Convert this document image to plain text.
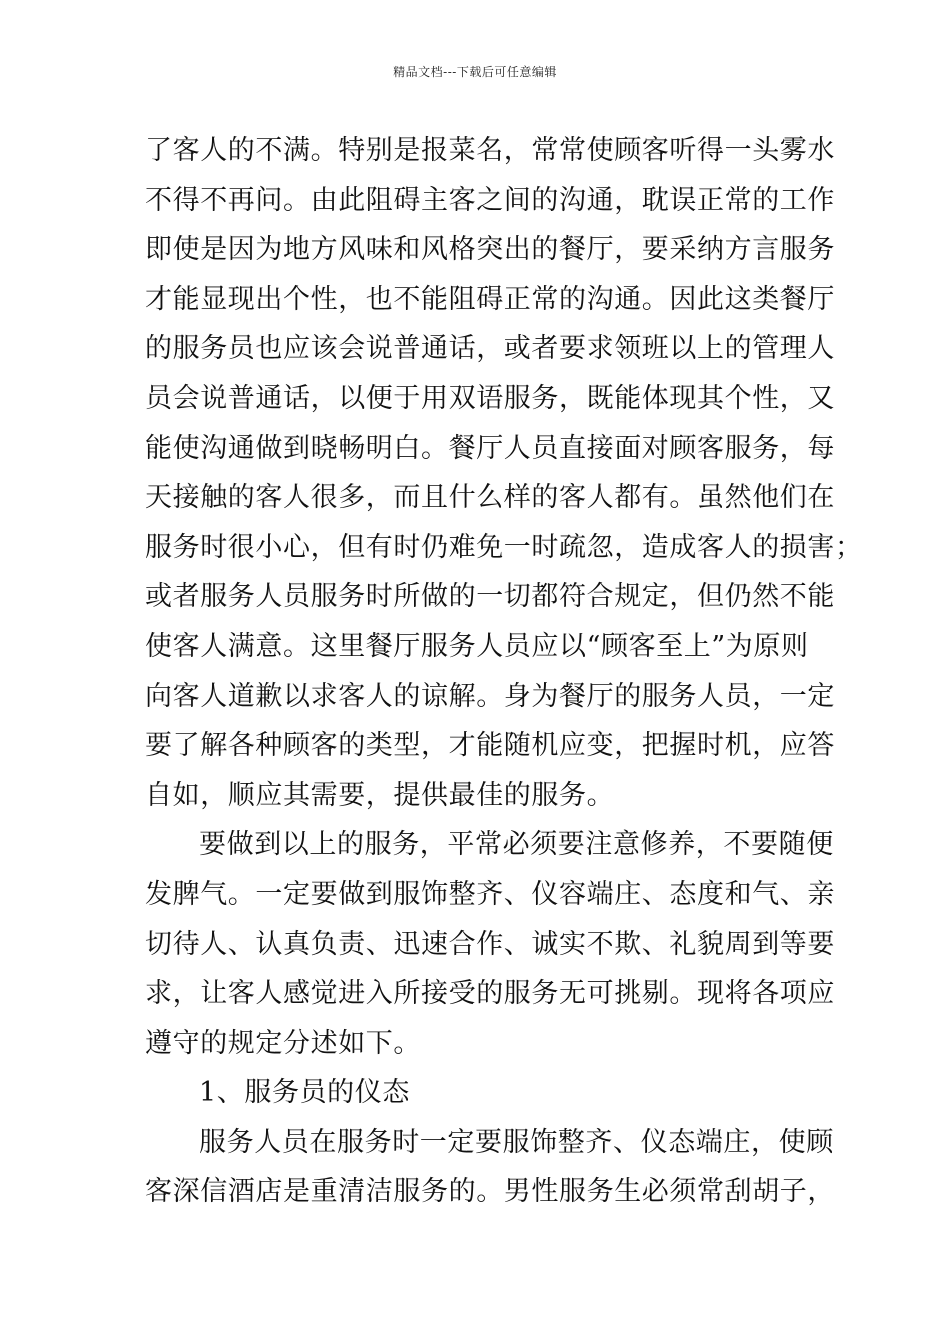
精品文档---下载后可任意编辑
了客人的不满。特别是报菜名，常常使顾客听得一头雾水
不得不再问。由此阻碍主客之间的沟通，耽误正常的工作
即使是因为地方风味和风格突出的餐厅，要采纳方言服务
才能显现出个性，也不能阻碍正常的沟通。因此这类餐厅
的服务员也应该会说普通话，或者要求领班以上的管理人
员会说普通话，以便于用双语服务，既能体现其个性，又
能使沟通做到晓畅明白。餐厅人员直接面对顾客服务，每
天接触的客人很多，而且什么样的客人都有。虽然他们在
服务时很小心，但有时仍难免一时疏忽，造成客人的损害；
或者服务人员服务时所做的一切都符合规定，但仍然不能
使客人满意。这里餐厅服务人员应以“顾客至上”为原则
向客人道歉以求客人的谅解。身为餐厅的服务人员，一定
要了解各种顾客的类型，才能随机应变，把握时机，应答
自如，顺应其需要，提供最佳的服务。
要做到以上的服务，平常必须要注意修养，不要随便
发脾气。一定要做到服饰整齐、仪容端庄、态度和气、亲
切待人、认真负责、迅速合作、诚实不欺、礼貌周到等要
求，让客人感觉进入所接受的服务无可挑剔。现将各项应
遵守的规定分述如下。
1、服务员的仪态
服务人员在服务时一定要服饰整齐、仪态端庄，使顾
客深信酒店是重清洁服务的。男性服务生必须常刮胡子，
